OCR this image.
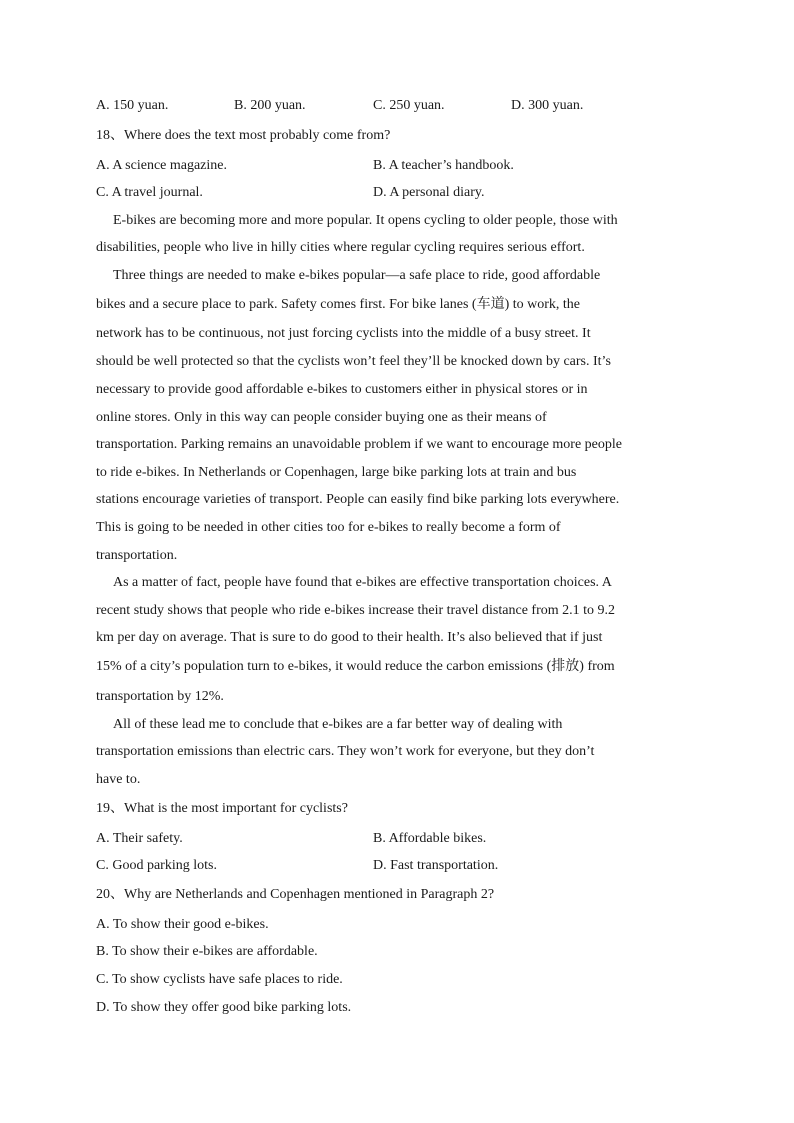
A. 150 yuan.	B. 200 yuan.	C. 250 yuan.	D. 300 yuan.
18、Where does the text most probably come from?
A. A science magazine.	B. A teacher’s handbook.
C. A travel journal.	D. A personal diary.
E-bikes are becoming more and more popular. It opens cycling to older people, those with
disabilities, people who live in hilly cities where regular cycling requires serious effort.
Three things are needed to make e-bikes popular—a safe place to ride, good affordable
bikes and a secure place to park. Safety comes first. For bike lanes (车道) to work, the
network has to be continuous, not just forcing cyclists into the middle of a busy street. It
should be well protected so that the cyclists won’t feel they’ll be knocked down by cars. It’s
necessary to provide good affordable e-bikes to customers either in physical stores or in
online stores. Only in this way can people consider buying one as their means of
transportation. Parking remains an unavoidable problem if we want to encourage more people
to ride e-bikes. In Netherlands or Copenhagen, large bike parking lots at train and bus
stations encourage varieties of transport. People can easily find bike parking lots everywhere.
This is going to be needed in other cities too for e-bikes to really become a form of
transportation.
As a matter of fact, people have found that e-bikes are effective transportation choices. A
recent study shows that people who ride e-bikes increase their travel distance from 2.1 to 9.2
km per day on average. That is sure to do good to their health. It’s also believed that if just
15% of a city’s population turn to e-bikes, it would reduce the carbon emissions (排放) from
transportation by 12%.
All of these lead me to conclude that e-bikes are a far better way of dealing with
transportation emissions than electric cars. They won’t work for everyone, but they don’t
have to.
19、What is the most important for cyclists?
A. Their safety.	B. Affordable bikes.
C. Good parking lots.	D. Fast transportation.
20、Why are Netherlands and Copenhagen mentioned in Paragraph 2?
A. To show their good e-bikes.
B. To show their e-bikes are affordable.
C. To show cyclists have safe places to ride.
D. To show they offer good bike parking lots.
